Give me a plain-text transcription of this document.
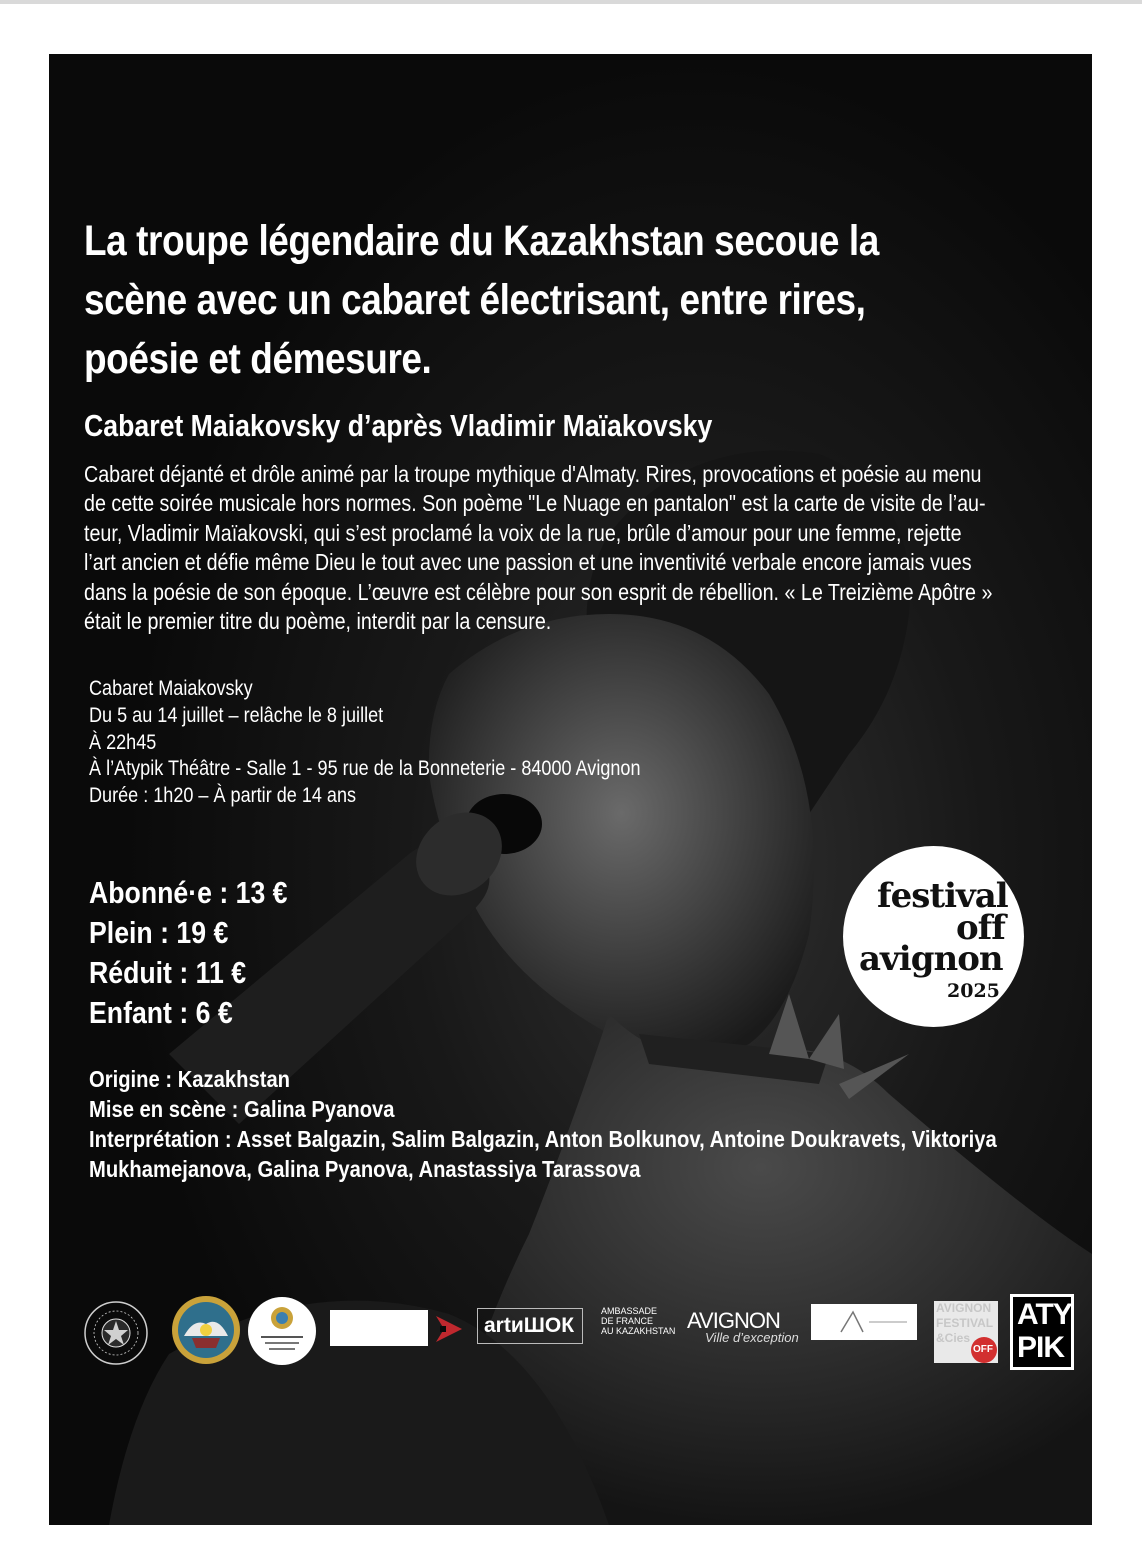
La troupe légendaire du Kazakhstan secoue la
scène avec un cabaret électrisant, entre rires,
poésie et démesure.
Cabaret Maiakovsky d’après Vladimir Maïakovsky
Cabaret déjanté et drôle animé par la troupe mythique d'Almaty. Rires, provocations et poésie au menu
de cette soirée musicale hors normes. Son poème "Le Nuage en pantalon" est la carte de visite de l’au-
teur, Vladimir Maïakovski, qui s’est proclamé la voix de la rue, brûle d’amour pour une femme, rejette
l’art ancien et défie même Dieu le tout avec une passion et une inventivité verbale encore jamais vues
dans la poésie de son époque. L’œuvre est célèbre pour son esprit de rébellion. « Le Treizième Apôtre »
était le premier titre du poème, interdit par la censure.
Cabaret Maiakovsky
Du 5 au 14 juillet – relâche le 8 juillet
À 22h45
À l’Atypik Théâtre - Salle 1 - 95 rue de la Bonneterie - 84000 Avignon
Durée : 1h20 – À partir de 14 ans
Abonné·e : 13 €
Plein : 19 €
Réduit : 11 €
Enfant : 6 €
Origine : Kazakhstan
Mise en scène : Galina Pyanova
Interprétation : Asset Balgazin, Salim Balgazin, Anton Bolkunov, Antoine Doukravets, Viktoriya
Mukhamejanova, Galina Pyanova, Anastassiya Tarassova
festival
off
avignon
2025
artиШОК
AMBASSADE
DE FRANCE
AU KAZAKHSTAN AVIGNON
Ville d’exception
AVIGNON
FESTIVAL
&Cies
OFF
ATY
PIK
